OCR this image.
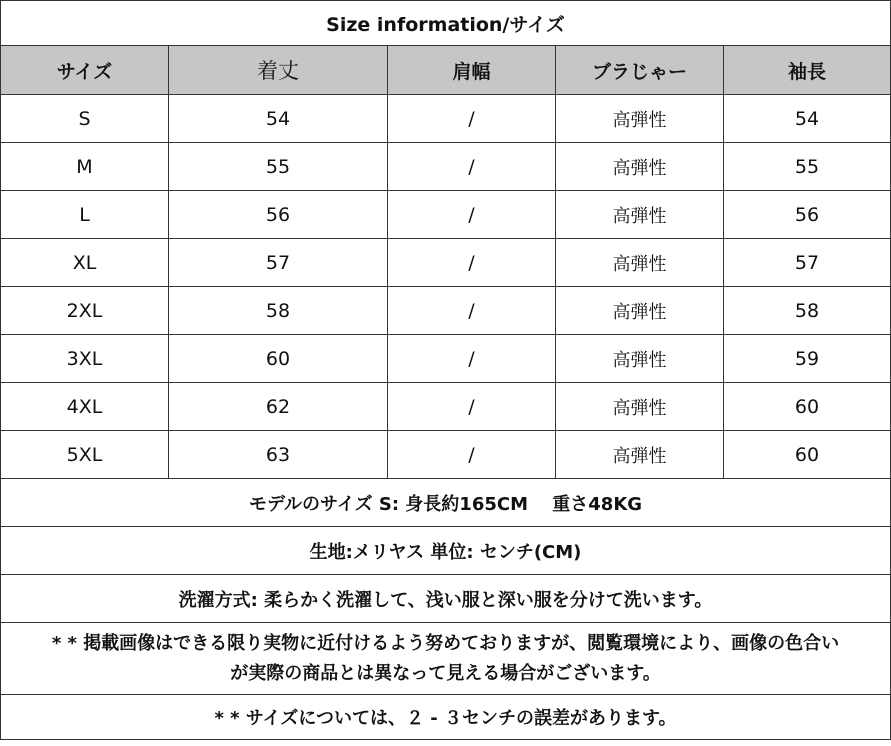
Size information/サイズ				
サイズ	着丈	肩幅	ブラじゃー	袖長
S	54	/	高弾性	54
M	55	/	高弾性	55
L	56	/	高弾性	56
XL	57	/	高弾性	57
2XL	58	/	高弾性	58
3XL	60	/	高弾性	59
4XL	62	/	高弾性	60
5XL	63	/	高弾性	60
モデルのサイズ S: 身長約165CM　 重さ48KG				
生地:メリヤス 単位: センチ(CM)				
洗濯方式: 柔らかく洗濯して、浅い服と深い服を分けて洗います。				

* * 掲載画像はできる限り実物に近付けるよう努めておりますが、閲覧環境により、画像の色合い
が実際の商品とは異なって見える場合がございます。				

* * サイズについては、２ - ３センチの誤差があります。				
